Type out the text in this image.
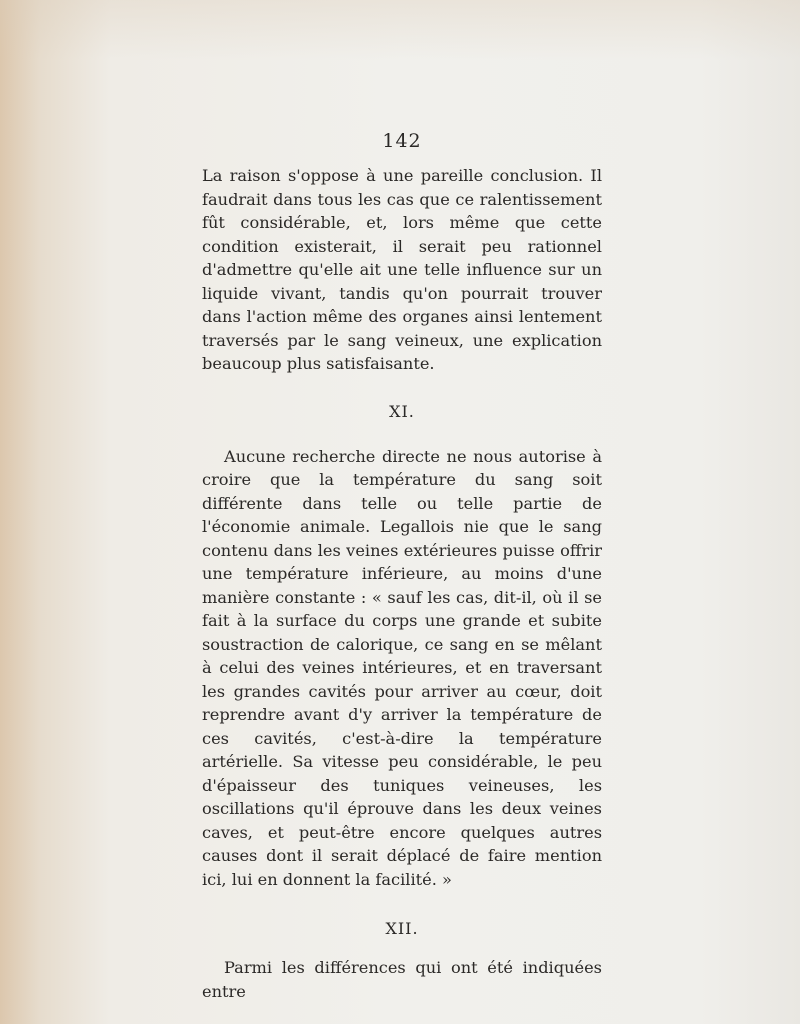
142

La raison s'oppose à une pareille conclusion. Il faudrait dans tous les cas que ce ralentissement fût considérable, et, lors même que cette condition existerait, il serait peu rationnel d'admettre qu'elle ait une telle influence sur un liquide vivant, tandis qu'on pourrait trouver dans l'action même des organes ainsi lentement traversés par le sang veineux, une explication beaucoup plus satisfaisante.

XI.

Aucune recherche directe ne nous autorise à croire que la température du sang soit différente dans telle ou telle partie de l'économie animale. Legallois nie que le sang contenu dans les veines extérieures puisse offrir une température inférieure, au moins d'une manière constante : « sauf les cas, dit-il, où il se fait à la surface du corps une grande et subite soustraction de calorique, ce sang en se mêlant à celui des veines intérieures, et en traversant les grandes cavités pour arriver au cœur, doit reprendre avant d'y arriver la température de ces cavités, c'est-à-dire la température artérielle. Sa vitesse peu considérable, le peu d'épaisseur des tuniques veineuses, les oscillations qu'il éprouve dans les deux veines caves, et peut-être encore quelques autres causes dont il serait déplacé de faire mention ici, lui en donnent la facilité. »

XII.

Parmi les différences qui ont été indiquées entre
